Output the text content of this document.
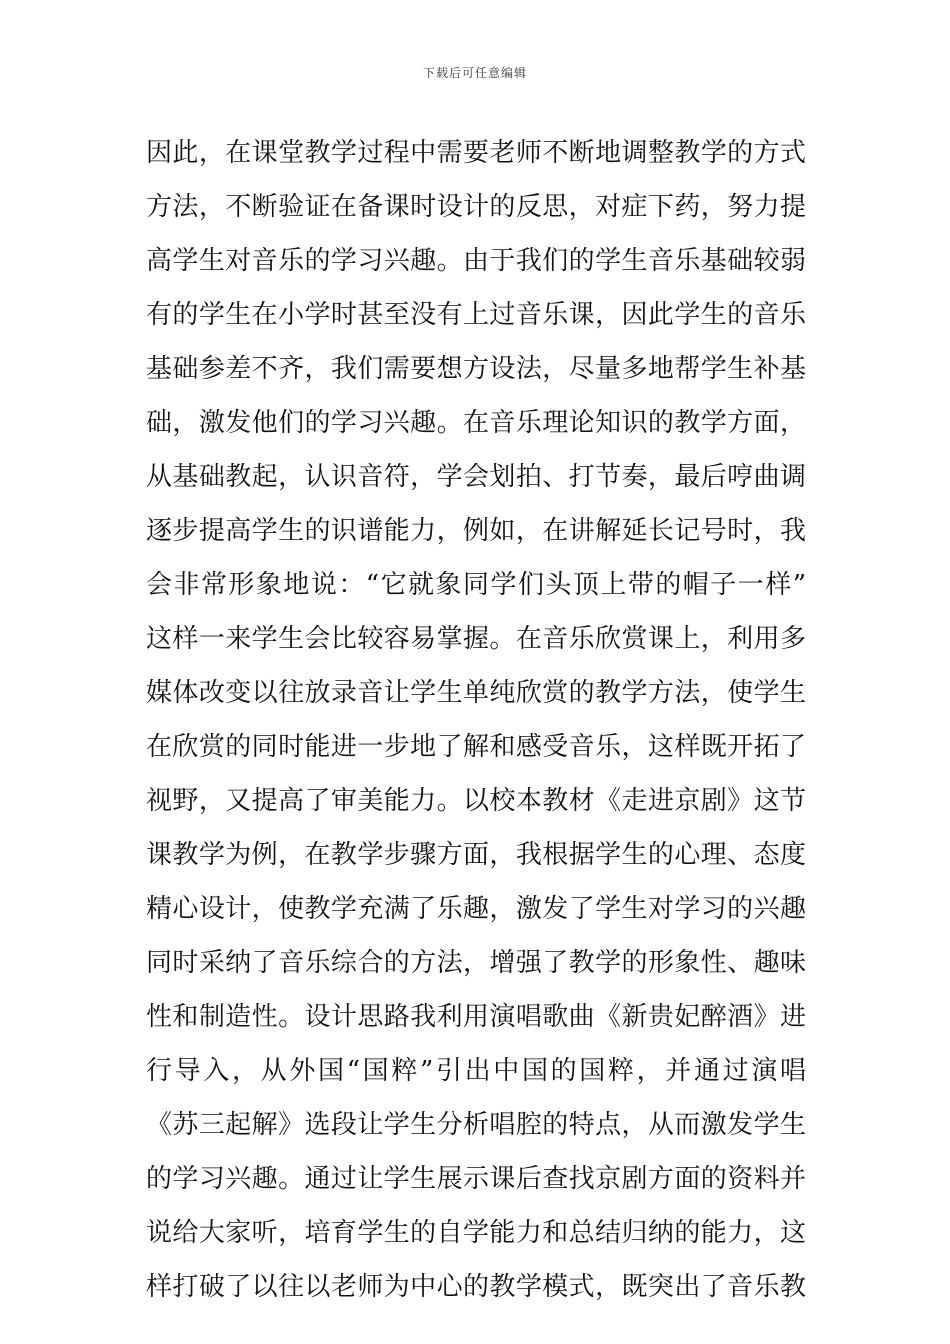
下载后可任意编辑
因此，在课堂教学过程中需要老师不断地调整教学的方式
方法，不断验证在备课时设计的反思，对症下药，努力提
高学生对音乐的学习兴趣。由于我们的学生音乐基础较弱
有的学生在小学时甚至没有上过音乐课，因此学生的音乐
基础参差不齐，我们需要想方设法，尽量多地帮学生补基
础，激发他们的学习兴趣。在音乐理论知识的教学方面，
从基础教起，认识音符，学会划拍、打节奏，最后哼曲调
逐步提高学生的识谱能力，例如，在讲解延长记号时，我
会非常形象地说：“它就象同学们头顶上带的帽子一样”
这样一来学生会比较容易掌握。在音乐欣赏课上，利用多
媒体改变以往放录音让学生单纯欣赏的教学方法，使学生
在欣赏的同时能进一步地了解和感受音乐，这样既开拓了
视野，又提高了审美能力。以校本教材《走进京剧》这节
课教学为例，在教学步骤方面，我根据学生的心理、态度
精心设计，使教学充满了乐趣，激发了学生对学习的兴趣
同时采纳了音乐综合的方法，增强了教学的形象性、趣味
性和制造性。设计思路我利用演唱歌曲《新贵妃醉酒》进
行导入，从外国“国粹”引出中国的国粹，并通过演唱
《苏三起解》选段让学生分析唱腔的特点，从而激发学生
的学习兴趣。通过让学生展示课后查找京剧方面的资料并
说给大家听，培育学生的自学能力和总结归纳的能力，这
样打破了以往以老师为中心的教学模式，既突出了音乐教
